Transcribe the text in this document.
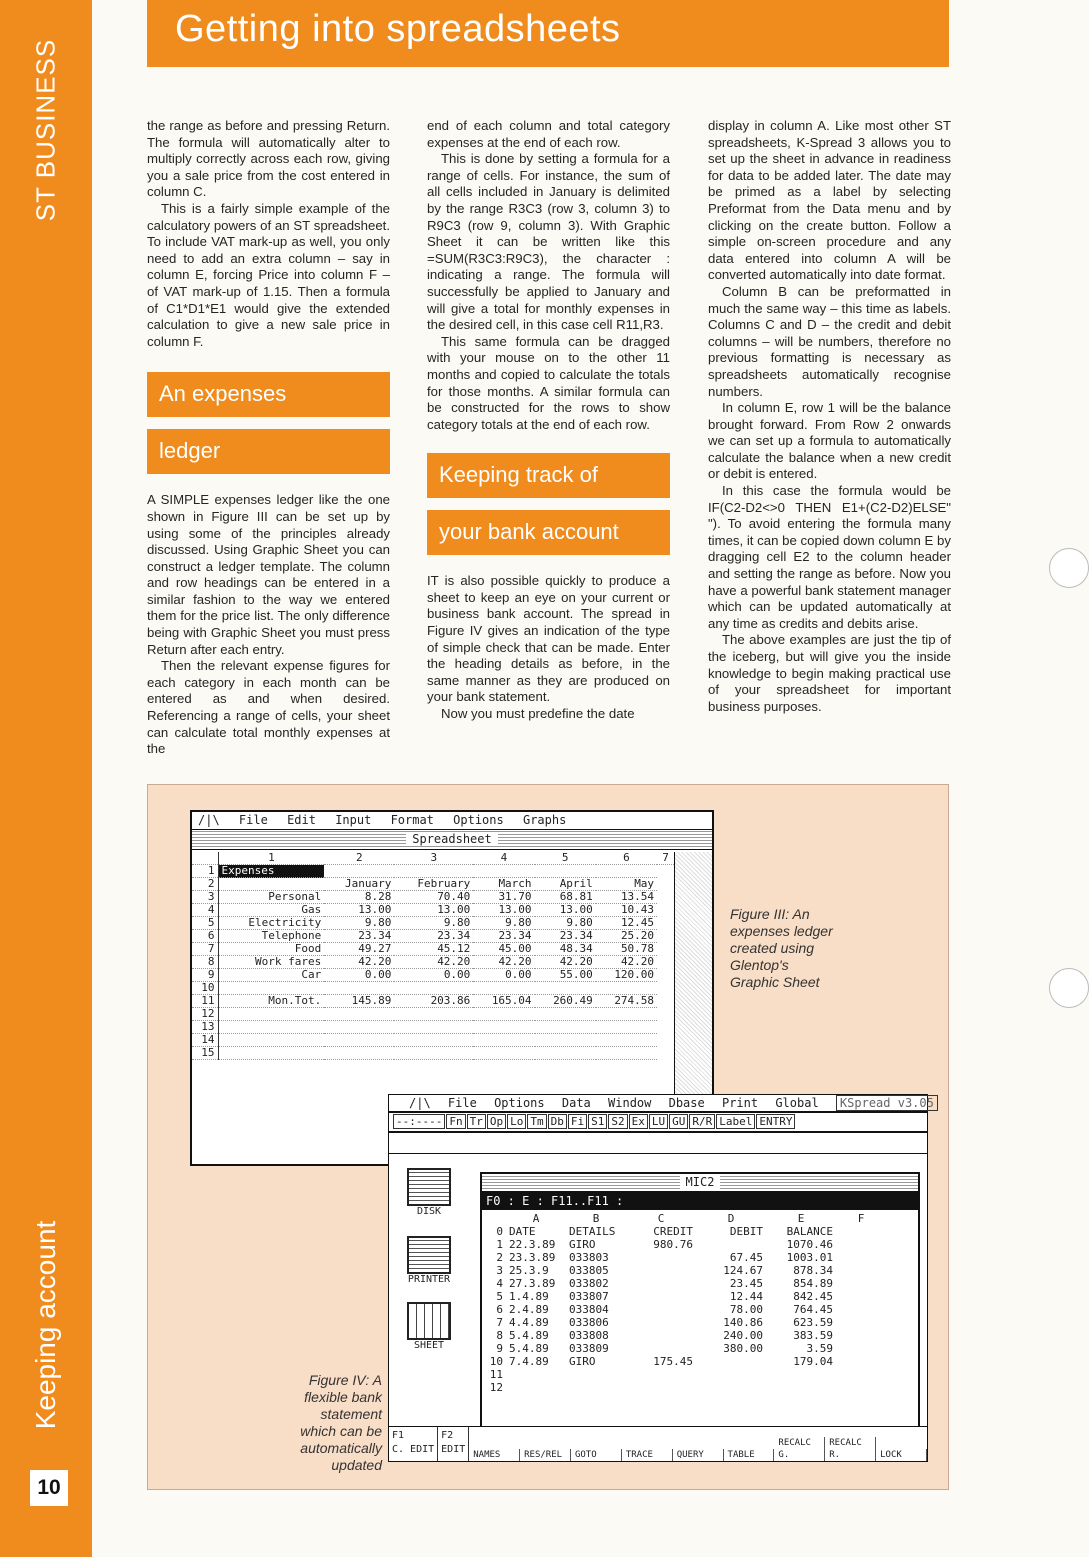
ST BUSINESS
Keeping account
10
Getting into spreadsheets

the range as before and pressing Return. The formula will automatically alter to multiply correctly across each row, giving you a sale price from the cost entered in column C.

This is a fairly simple example of the calculatory powers of an ST spreadsheet. To include VAT mark-up as well, you only need to add an extra column – say in column E, forcing Price into column F – of VAT mark-up of 1.15. Then a formula of C1*D1*E1 would give the extended calculation to give a new sale price in column F.

An expenses
ledger

A SIMPLE expenses ledger like the one shown in Figure III can be set up by using some of the principles already discussed. Using Graphic Sheet you can construct a ledger template. The column and row headings can be entered in a similar fashion to the way we entered them for the price list. The only difference being with Graphic Sheet you must press Return after each entry.

Then the relevant expense figures for each category in each month can be entered as and when desired. Referencing a range of cells, your sheet can calculate total monthly expenses at the

end of each column and total category expenses at the end of each row.

This is done by setting a formula for a range of cells. For instance, the sum of all cells included in January is delimited by the range R3C3 (row 3, column 3) to R9C3 (row 9, column 3). With Graphic Sheet it can be written like this =SUM(R3C3:R9C3), the character : indicating a range. The formula will successfully be applied to January and will give a total for monthly expenses in the desired cell, in this case cell R11,R3.

This same formula can be dragged with your mouse on to the other 11 months and copied to calculate the totals for those months. A similar formula can be constructed for the rows to show category totals at the end of each row.

Keeping track of
your bank account

IT is also possible quickly to produce a sheet to keep an eye on your current or business bank account. The spread in Figure IV gives an indication of the type of simple check that can be made. Enter the heading details as before, in the same manner as they are produced on your bank statement.

Now you must predefine the date

display in column A. Like most other ST spreadsheets, K-Spread 3 allows you to set up the sheet in advance in readiness for data to be added later. The date may be primed as a label by selecting Preformat from the Data menu and by clicking on the create button. Follow a simple on-screen procedure and any data entered into column A will be converted automatically into date format.

Column B can be preformatted in much the same way – this time as labels. Columns C and D – the credit and debit columns – will be numbers, therefore no previous formatting is necessary as spreadsheets automatically recognise numbers.

In column E, row 1 will be the balance brought forward. From Row 2 onwards we can set up a formula to automatically calculate the balance when a new credit or debit is entered.

In this case the formula would be IF(C2-D2<>0 THEN E1+(C2-D2)ELSE" "). To avoid entering the formula many times, it can be copied down column E by dragging cell E2 to the column header and setting the range as before. Now you have a powerful bank statement manager which can be updated automatically at any time as credits and debits arise.

The above examples are just the tip of the iceberg, but will give you the inside knowledge to begin making practical use of your spreadsheet for important business purposes.

Figure III: An expenses ledger created using Glentop's Graphic Sheet
Figure IV: A flexible bank statement which can be automatically updated
/|\ File Edit Input Format Options Graphs
Spreadsheet
	1	2	3	4	5	6	7
1	Expenses						
2		January	February	March	April	May	
3	Personal	8.28	70.40	31.70	68.81	13.54	
4	Gas	13.00	13.00	13.00	13.00	10.43	
5	Electricity	9.80	9.80	9.80	9.80	12.45	
6	Telephone	23.34	23.34	23.34	23.34	25.20	
7	Food	49.27	45.12	45.00	48.34	50.78	
8	Work fares	42.20	42.20	42.20	42.20	42.20	
9	Car	0.00	0.00	0.00	55.00	120.00	
10							
11	Mon.Tot.	145.89	203.86	165.04	260.49	274.58	
12							
13							
14							
15							
/|\ File Options Data Window Dbase Print Global KSpread v3.05
--:---- Fn Tr Op Lo Tm Db Fi S1 S2 Ex LU GU R/R Label ENTRY
DISK
PRINTER
SHEET
MIC2
F0 : E : F11..F11 :
	A	B	C	D	E	F
0	DATE	DETAILS	CREDIT	DEBIT	BALANCE	
1	22.3.89	GIRO	980.76		1070.46	
2	23.3.89	033803		67.45	1003.01	
3	25.3.9	033805		124.67	878.34	
4	27.3.89	033802		23.45	854.89	
5	1.4.89	033807		12.44	842.45	
6	2.4.89	033804		78.00	764.45	
7	4.4.89	033806		140.86	623.59	
8	5.4.89	033808		240.00	383.59	
9	5.4.89	033809		380.00	3.59	
10	7.4.89	GIRO	175.45		179.04	
11						
12						
F1
C. EDIT
F2
EDIT NAMES	RES/REL	GOTO	TRACE	QUERY	TABLE
RECALC G.
RECALC R.	LOCK
